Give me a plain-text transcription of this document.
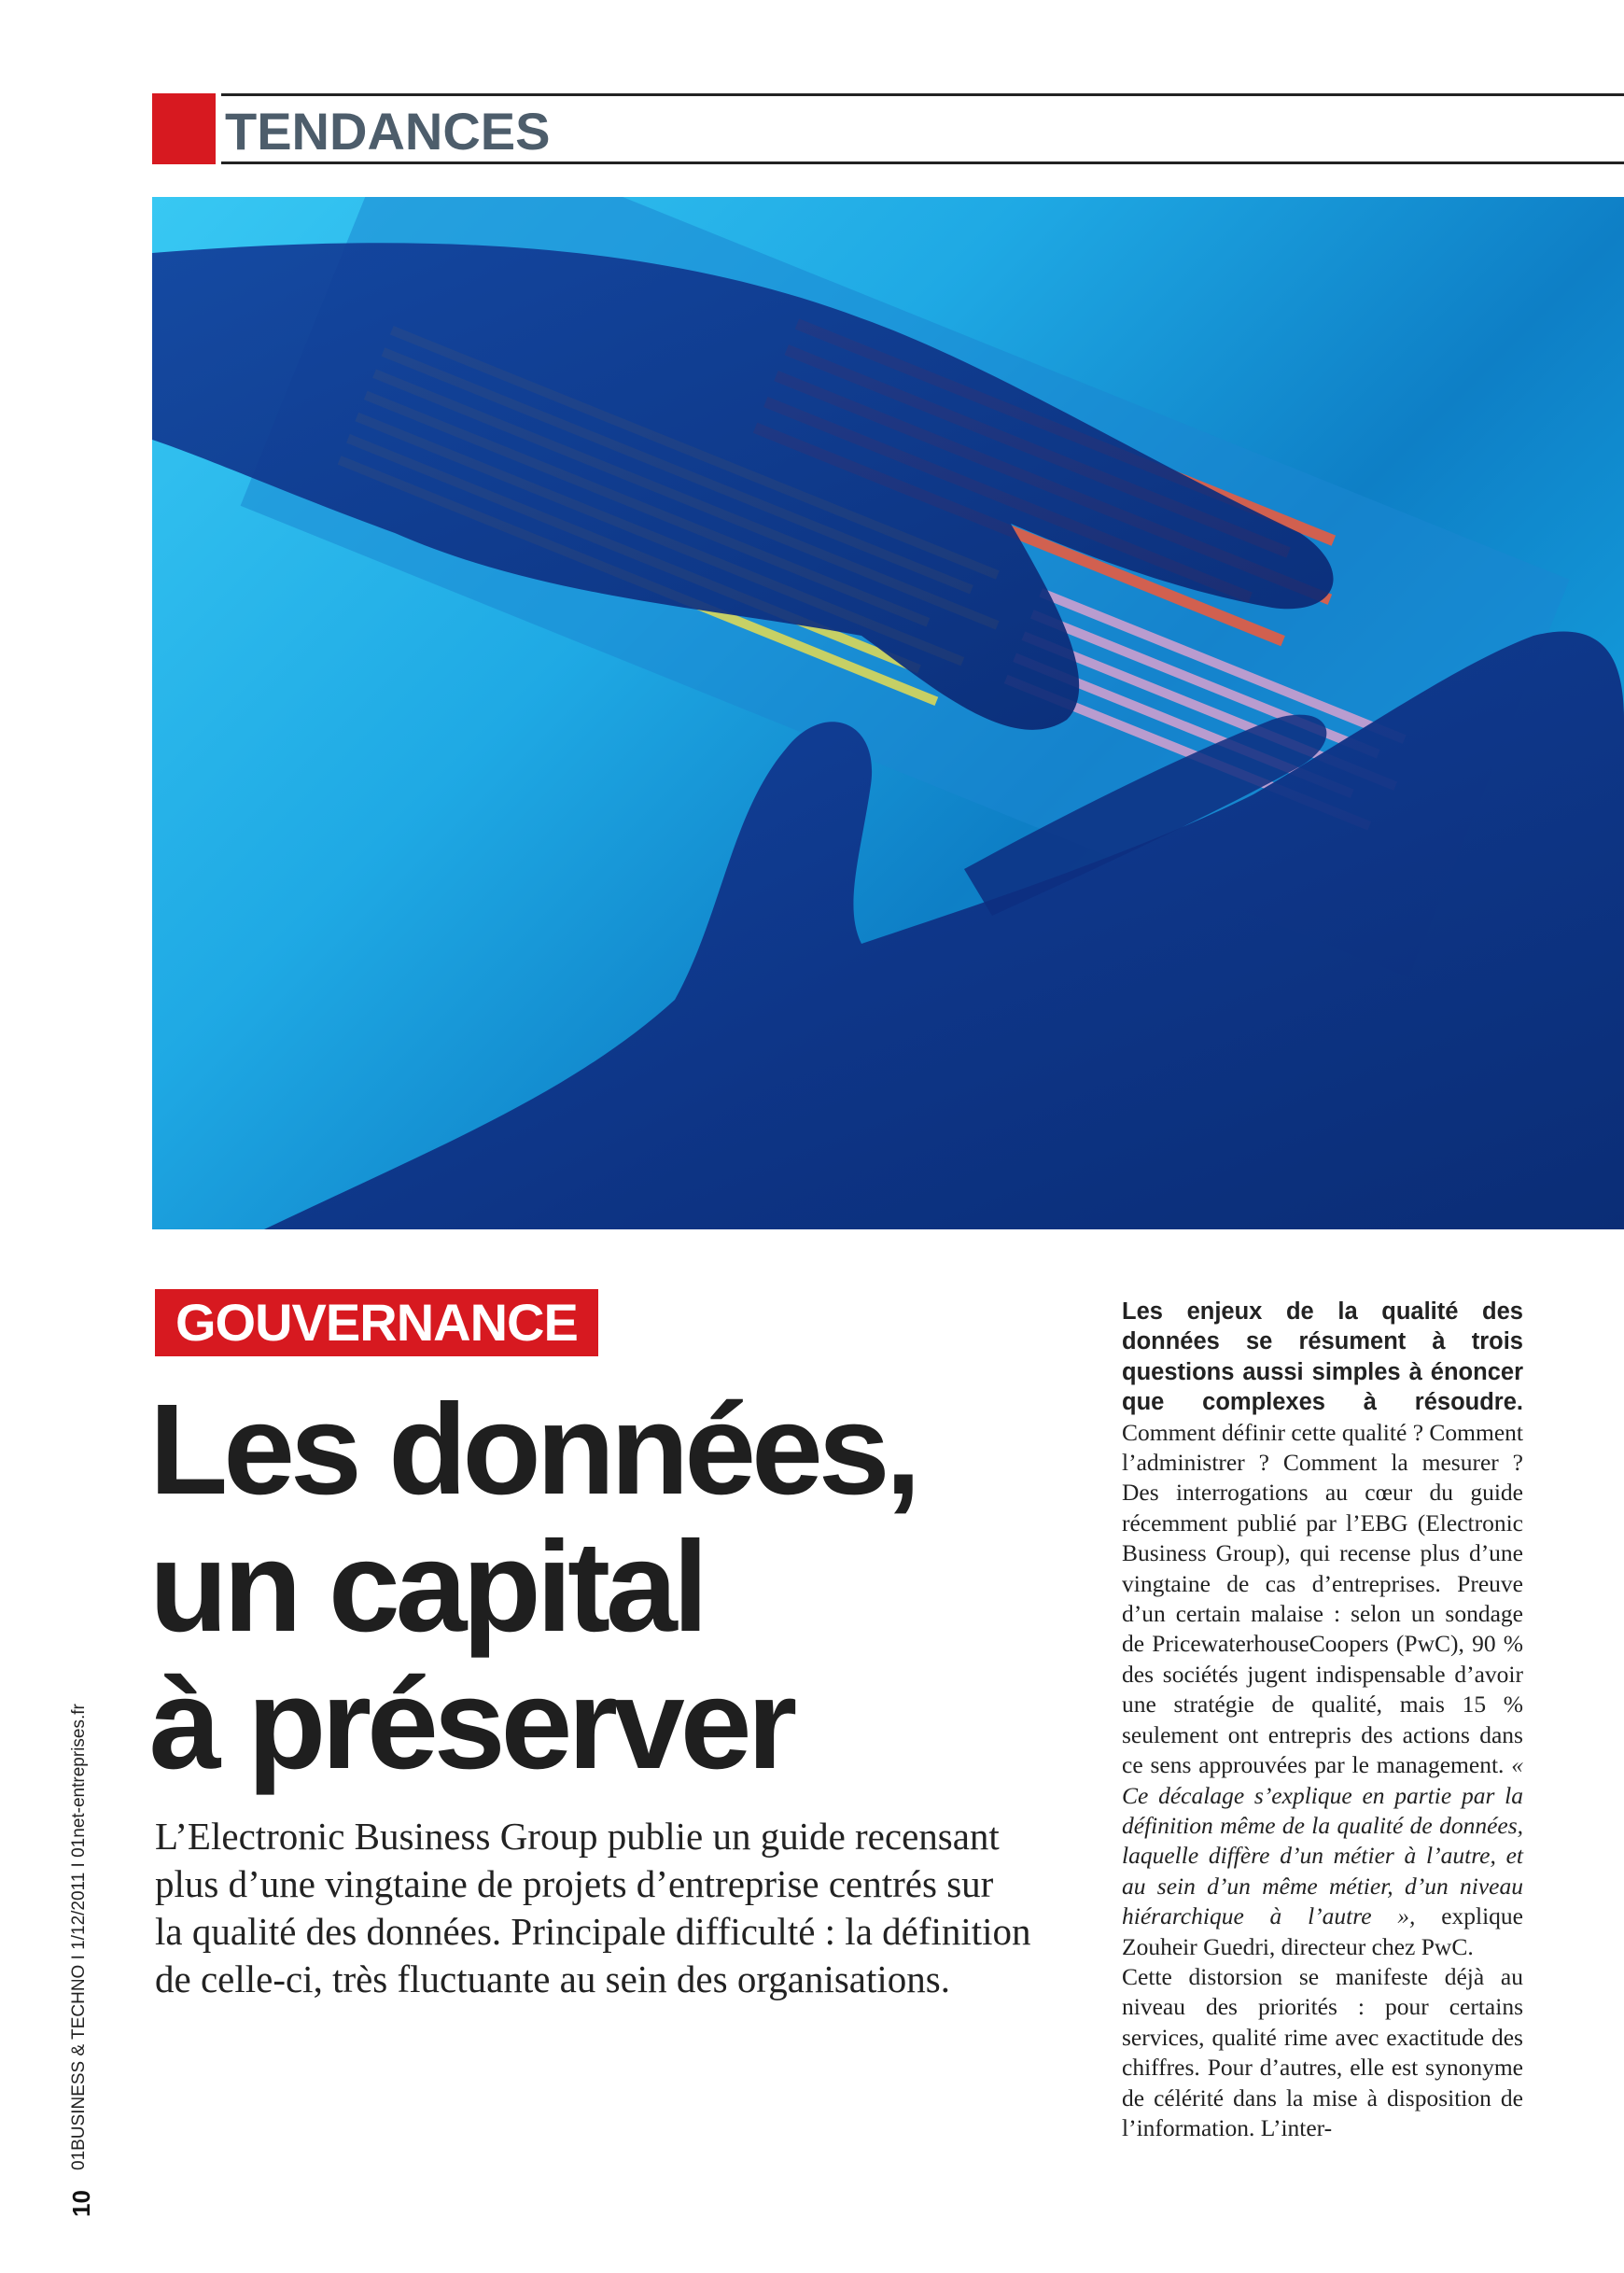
TENDANCES
GOUVERNANCE
Les données,
un capital
à préserver
L’Electronic Business Group publie un guide recensant
plus d’une vingtaine de projets d’entreprise centrés sur
la qualité des données. Principale difficulté : la définition
de celle-ci, très fluctuante au sein des organisations.

Les enjeux de la qualité des données se résument à trois questions aussi simples à énoncer que complexes à résoudre. Comment définir cette qualité ? Comment l’administrer ? Comment la mesurer ? Des interrogations au cœur du guide récemment publié par l’EBG (Electronic Business Group), qui recense plus d’une vingtaine de cas d’entreprises. Preuve d’un certain malaise : selon un sondage de PricewaterhouseCoopers (PwC), 90 % des sociétés jugent indispensable d’avoir une stratégie de qualité, mais 15 % seulement ont entrepris des actions dans ce sens approuvées par le management. « Ce décalage s’explique en partie par la définition même de la qualité de données, laquelle diffère d’un métier à l’autre, et au sein d’un même métier, d’un niveau hiérarchique à l’autre », explique Zouheir Guedri, directeur chez PwC.

Cette distorsion se manifeste déjà au niveau des priorités : pour certains services, qualité rime avec exactitude des chiffres. Pour d’autres, elle est synonyme de célérité dans la mise à disposition de l’information. L’inter-

01BUSINESS & TECHNO I 1/12/2011 I 01net-entreprises.fr
10
